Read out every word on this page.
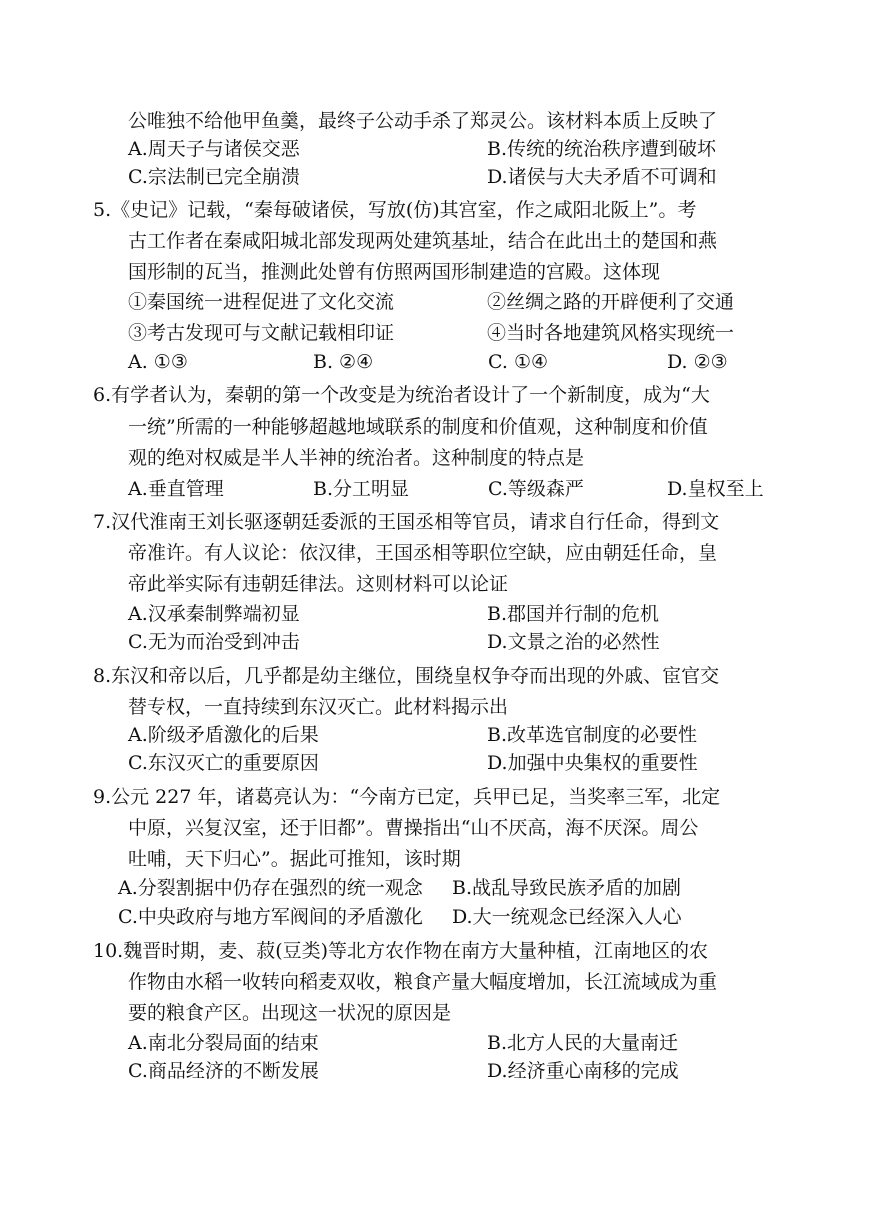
公唯独不给他甲鱼羹，最终子公动手杀了郑灵公。该材料本质上反映了
A.周天子与诸侯交恶	B.传统的统治秩序遭到破坏
C.宗法制已完全崩溃	D.诸侯与大夫矛盾不可调和
5.《史记》记载，“秦每破诸侯，写放(仿)其宫室，作之咸阳北阪上”。考
古工作者在秦咸阳城北部发现两处建筑基址，结合在此出土的楚国和燕
国形制的瓦当，推测此处曾有仿照两国形制建造的宫殿。这体现
①秦国统一进程促进了文化交流	②丝绸之路的开辟便利了交通
③考古发现可与文献记载相印证	④当时各地建筑风格实现统一
A. ①③	B. ②④	C. ①④	D. ②③
6.有学者认为，秦朝的第一个改变是为统治者设计了一个新制度，成为“大
一统”所需的一种能够超越地域联系的制度和价值观，这种制度和价值
观的绝对权威是半人半神的统治者。这种制度的特点是
A.垂直管理	B.分工明显	C.等级森严	D.皇权至上
7.汉代淮南王刘长驱逐朝廷委派的王国丞相等官员，请求自行任命，得到文
帝准许。有人议论：依汉律，王国丞相等职位空缺，应由朝廷任命，皇
帝此举实际有违朝廷律法。这则材料可以论证
A.汉承秦制弊端初显	B.郡国并行制的危机
C.无为而治受到冲击	D.文景之治的必然性
8.东汉和帝以后，几乎都是幼主继位，围绕皇权争夺而出现的外戚、宦官交
替专权，一直持续到东汉灭亡。此材料揭示出
A.阶级矛盾激化的后果	B.改革选官制度的必要性
C.东汉灭亡的重要原因	D.加强中央集权的重要性
9.公元 227 年，诸葛亮认为：“今南方已定，兵甲已足，当奖率三军，北定
中原，兴复汉室，还于旧都”。曹操指出“山不厌高，海不厌深。周公
吐哺，天下归心”。据此可推知，该时期
A.分裂割据中仍存在强烈的统一观念 B.战乱导致民族矛盾的加剧
C.中央政府与地方军阀间的矛盾激化 D.大一统观念已经深入人心
10.魏晋时期，麦、菽(豆类)等北方农作物在南方大量种植，江南地区的农
作物由水稻一收转向稻麦双收，粮食产量大幅度增加，长江流域成为重
要的粮食产区。出现这一状况的原因是
A.南北分裂局面的结束	B.北方人民的大量南迁
C.商品经济的不断发展	D.经济重心南移的完成
